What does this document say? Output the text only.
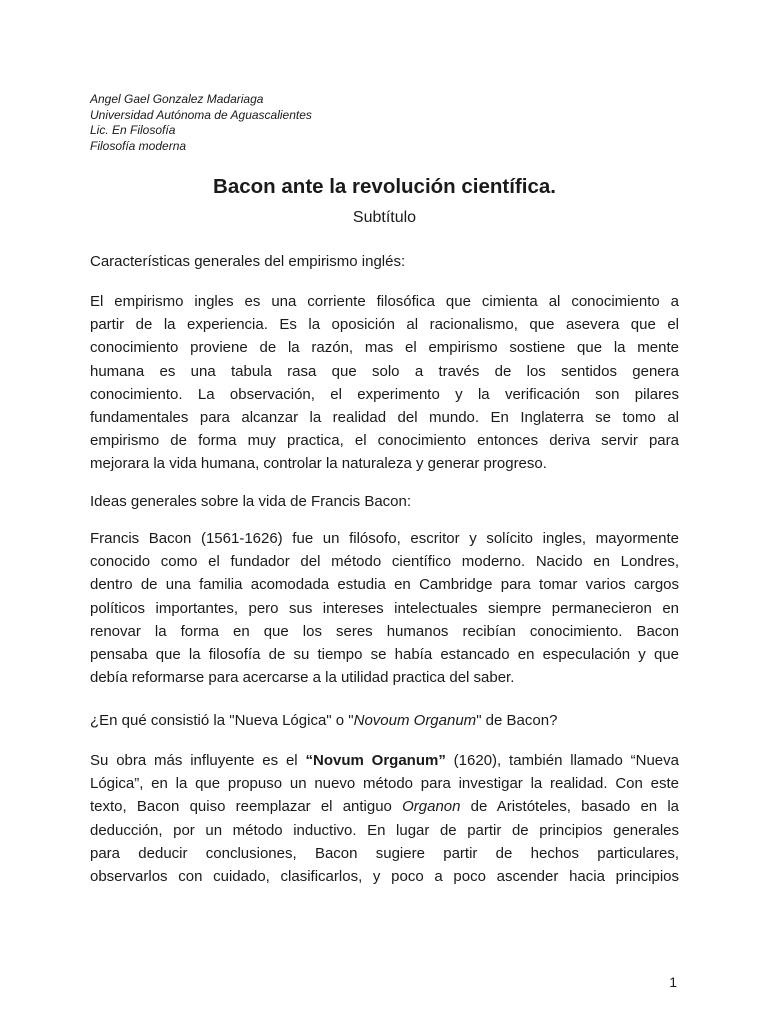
Angel Gael Gonzalez Madariaga
Universidad Autónoma de Aguascalientes
Lic. En Filosofía
Filosofía moderna
Bacon ante la revolución científica.
Subtítulo

Características generales del empirismo inglés:

El empirismo ingles es una corriente filosófica que cimienta al conocimiento a
partir de la experiencia. Es la oposición al racionalismo, que asevera que el
conocimiento proviene de la razón, mas el empirismo sostiene que la mente
humana es una tabula rasa que solo a través de los sentidos genera
conocimiento. La observación, el experimento y la verificación son pilares
fundamentales para alcanzar la realidad del mundo. En Inglaterra se tomo al
empirismo de forma muy practica, el conocimiento entonces deriva servir para
mejorara la vida humana, controlar la naturaleza y generar progreso.

Ideas generales sobre la vida de Francis Bacon:

Francis Bacon (1561-1626) fue un filósofo, escritor y solícito ingles, mayormente
conocido como el fundador del método científico moderno. Nacido en Londres,
dentro de una familia acomodada estudia en Cambridge para tomar varios cargos
políticos importantes, pero sus intereses intelectuales siempre permanecieron en
renovar la forma en que los seres humanos recibían conocimiento. Bacon
pensaba que la filosofía de su tiempo se había estancado en especulación y que
debía reformarse para acercarse a la utilidad practica del saber.

¿En qué consistió la "Nueva Lógica" o "Novoum Organum" de Bacon?

Su obra más influyente es el “Novum Organum” (1620), también llamado “Nueva
Lógica”, en la que propuso un nuevo método para investigar la realidad. Con este
texto, Bacon quiso reemplazar el antiguo Organon de Aristóteles, basado en la
deducción, por un método inductivo. En lugar de partir de principios generales
para deducir conclusiones, Bacon sugiere partir de hechos particulares,
observarlos con cuidado, clasificarlos, y poco a poco ascender hacia principios
1
